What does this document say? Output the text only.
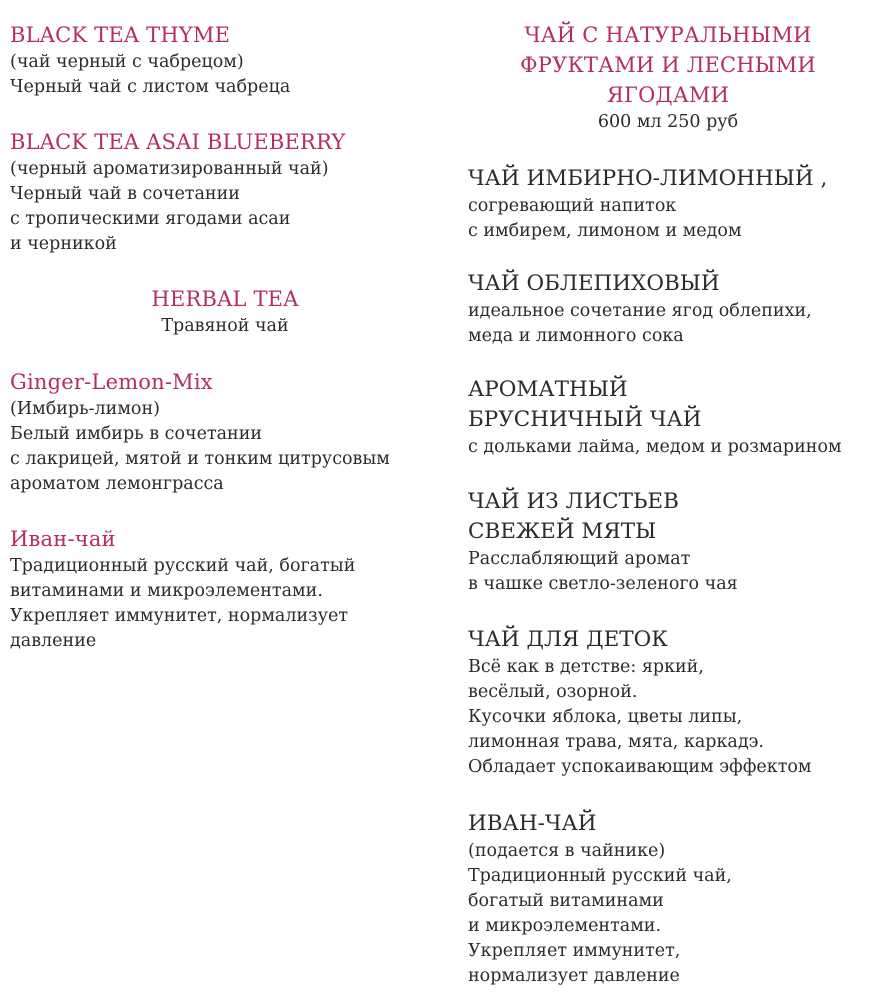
BLACK TEA THYME
(чай черный с чабрецом)
Черный чай с листом чабреца
BLACK TEA ASAI BLUEBERRY
(черный ароматизированный чай)
Черный чай в сочетании
с тропическими ягодами асаи
и черникой
HERBAL TEA
Травяной чай
Ginger-Lemon-Mix
(Имбирь-лимон)
Белый имбирь в сочетании
с лакрицей, мятой и тонким цитрусовым
ароматом лемонграсса
Иван-чай
Традиционный русский чай, богатый
витаминами и микроэлементами.
Укрепляет иммунитет, нормализует
давление
ЧАЙ С НАТУРАЛЬНЫМИ
ФРУКТАМИ И ЛЕСНЫМИ
ЯГОДАМИ
600 мл 250 руб
ЧАЙ ИМБИРНО-ЛИМОННЫЙ ,
согревающий напиток
с имбирем, лимоном и медом
ЧАЙ ОБЛЕПИХОВЫЙ
идеальное сочетание ягод облепихи,
меда и лимонного сока
АРОМАТНЫЙ
БРУСНИЧНЫЙ ЧАЙ
с дольками лайма, медом и розмарином
ЧАЙ ИЗ ЛИСТЬЕВ
СВЕЖЕЙ МЯТЫ
Расслабляющий аромат
в чашке светло-зеленого чая
ЧАЙ ДЛЯ ДЕТОК
Всё как в детстве: яркий,
весёлый, озорной.
Кусочки яблока, цветы липы,
лимонная трава, мята, каркадэ.
Обладает успокаивающим эффектом
ИВАН-ЧАЙ
(подается в чайнике)
Традиционный русский чай,
богатый витаминами
и микроэлементами.
Укрепляет иммунитет,
нормализует давление
